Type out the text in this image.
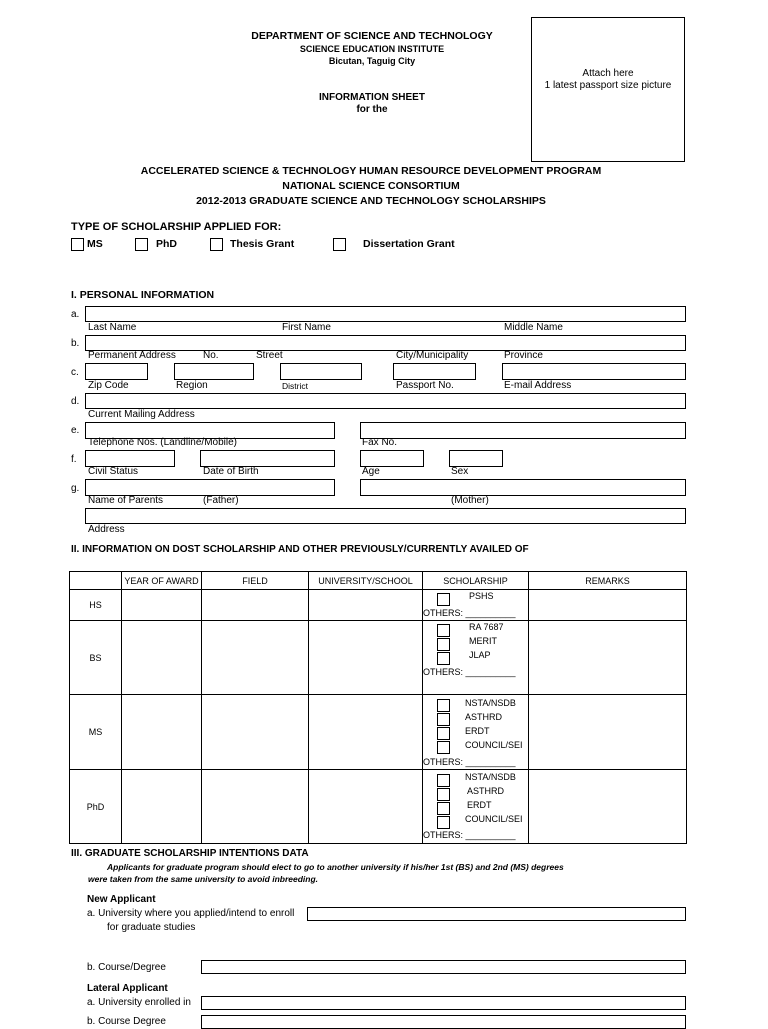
DEPARTMENT OF SCIENCE AND TECHNOLOGY
SCIENCE EDUCATION INSTITUTE
Bicutan, Taguig City
INFORMATION SHEET
for the
Attach here
1 latest passport size picture
ACCELERATED SCIENCE & TECHNOLOGY HUMAN RESOURCE DEVELOPMENT PROGRAM
NATIONAL SCIENCE CONSORTIUM
2012-2013 GRADUATE SCIENCE AND TECHNOLOGY SCHOLARSHIPS
TYPE OF SCHOLARSHIP APPLIED FOR:
MS	PhD	Thesis Grant	Dissertation Grant
I. PERSONAL INFORMATION
a.
Last Name	First Name	Middle Name
b.
Permanent Address	No.	Street	City/Municipality	Province
c.
Zip Code	Region	District	Passport No.	E-mail Address
d.
Current Mailing Address
e.
Telephone Nos. (Landline/Mobile)	Fax No.
f.
Civil Status	Date of Birth	Age	Sex
g.
Name of Parents	(Father)	(Mother)
Address
II. INFORMATION ON DOST SCHOLARSHIP AND OTHER PREVIOUSLY/CURRENTLY AVAILED OF
	YEAR OF AWARD	FIELD	UNIVERSITY/SCHOOL	SCHOLARSHIP	REMARKS
HS				PSHS
OTHERS: __________	

BS				RA 7687
MERIT
JLAP
OTHERS: __________	

MS				NSTA/NSDB
ASTHRD
ERDT
COUNCIL/SEI
OTHERS: __________	

PhD				NSTA/NSDB
ASTHRD
ERDT
COUNCIL/SEI
OTHERS: __________	

III. GRADUATE SCHOLARSHIP INTENTIONS DATA
Applicants for graduate program should elect to go to another university if his/her 1st (BS) and 2nd (MS) degrees
were taken from the same university to avoid inbreeding.
New Applicant
a. University where you applied/intend to enroll
for graduate studies
b. Course/Degree
Lateral Applicant
a. University enrolled in
b. Course Degree
